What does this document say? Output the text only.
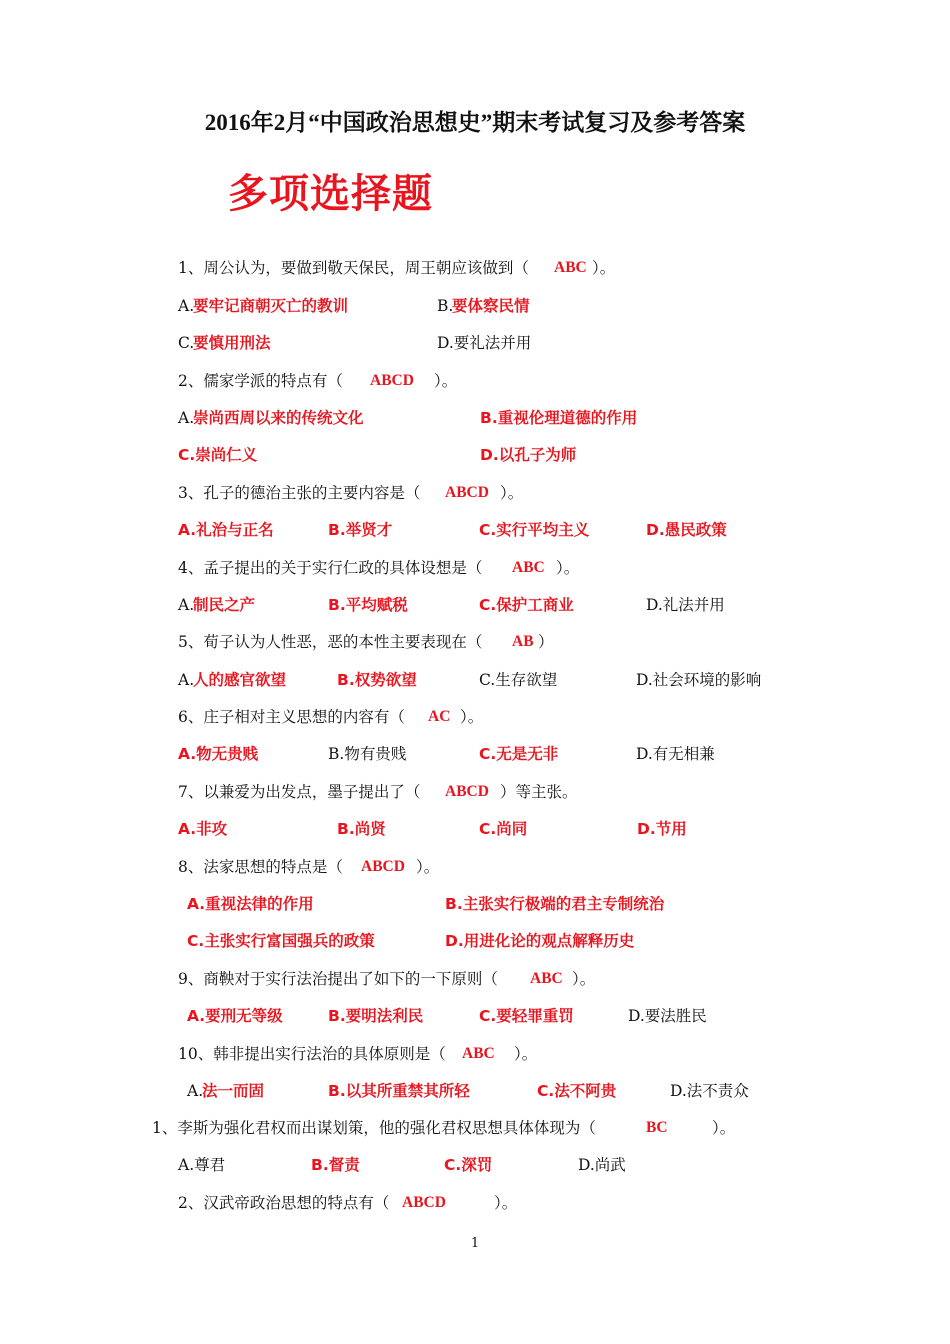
2016年2月“中国政治思想史”期末考试复习及参考答案
多项选择题
1、周公认为，要做到敬天保民，周王朝应该做到（ ABC ）。
A.
要牢记商朝灭亡的教训	B.
要体察民情
C.
要慎用刑法	D.要礼法并用
2、儒家学派的特点有（ ABCD ）。
A.
崇尚西周以来的传统文化	B.重视伦理道德的作用
C.崇尚仁义	D.以孔子为师
3、孔子的德治主张的主要内容是（ ABCD ）。
A.礼治与正名	B.举贤才	C.实行平均主义	D.愚民政策
4、孟子提出的关于实行仁政的具体设想是（ ABC ）。
A.
制民之产	B.平均赋税	C.保护工商业	D.礼法并用
5、荀子认为人性恶，恶的本性主要表现在（ AB ）
A.
人的感官欲望	B.权势欲望	C.生存欲望	D.社会环境的影响
6、庄子相对主义思想的内容有（ AC ）。
A.物无贵贱	B.物有贵贱	C.无是无非	D.有无相兼
7、以兼爱为出发点，墨子提出了（ ABCD ）等主张。
A.非攻	B.尚贤	C.尚同	D.节用
8、法家思想的特点是（ ABCD ）。
A.重视法律的作用	B.主张实行极端的君主专制统治
C.主张实行富国强兵的政策	D.用进化论的观点解释历史
9、商鞅对于实行法治提出了如下的一下原则（ ABC ）。
A.要刑无等级	B.要明法利民	C.要轻罪重罚	D.要法胜民
10、韩非提出实行法治的具体原则是（ ABC ）。
A.
法一而固	B.以其所重禁其所轻	C.法不阿贵	D.法不责众
1、李斯为强化君权而出谋划策，他的强化君权思想具体体现为（	BC	）。
A.尊君	B.督责	C.深罚	D.尚武
2、汉武帝政治思想的特点有（ ABCD	）。
1
